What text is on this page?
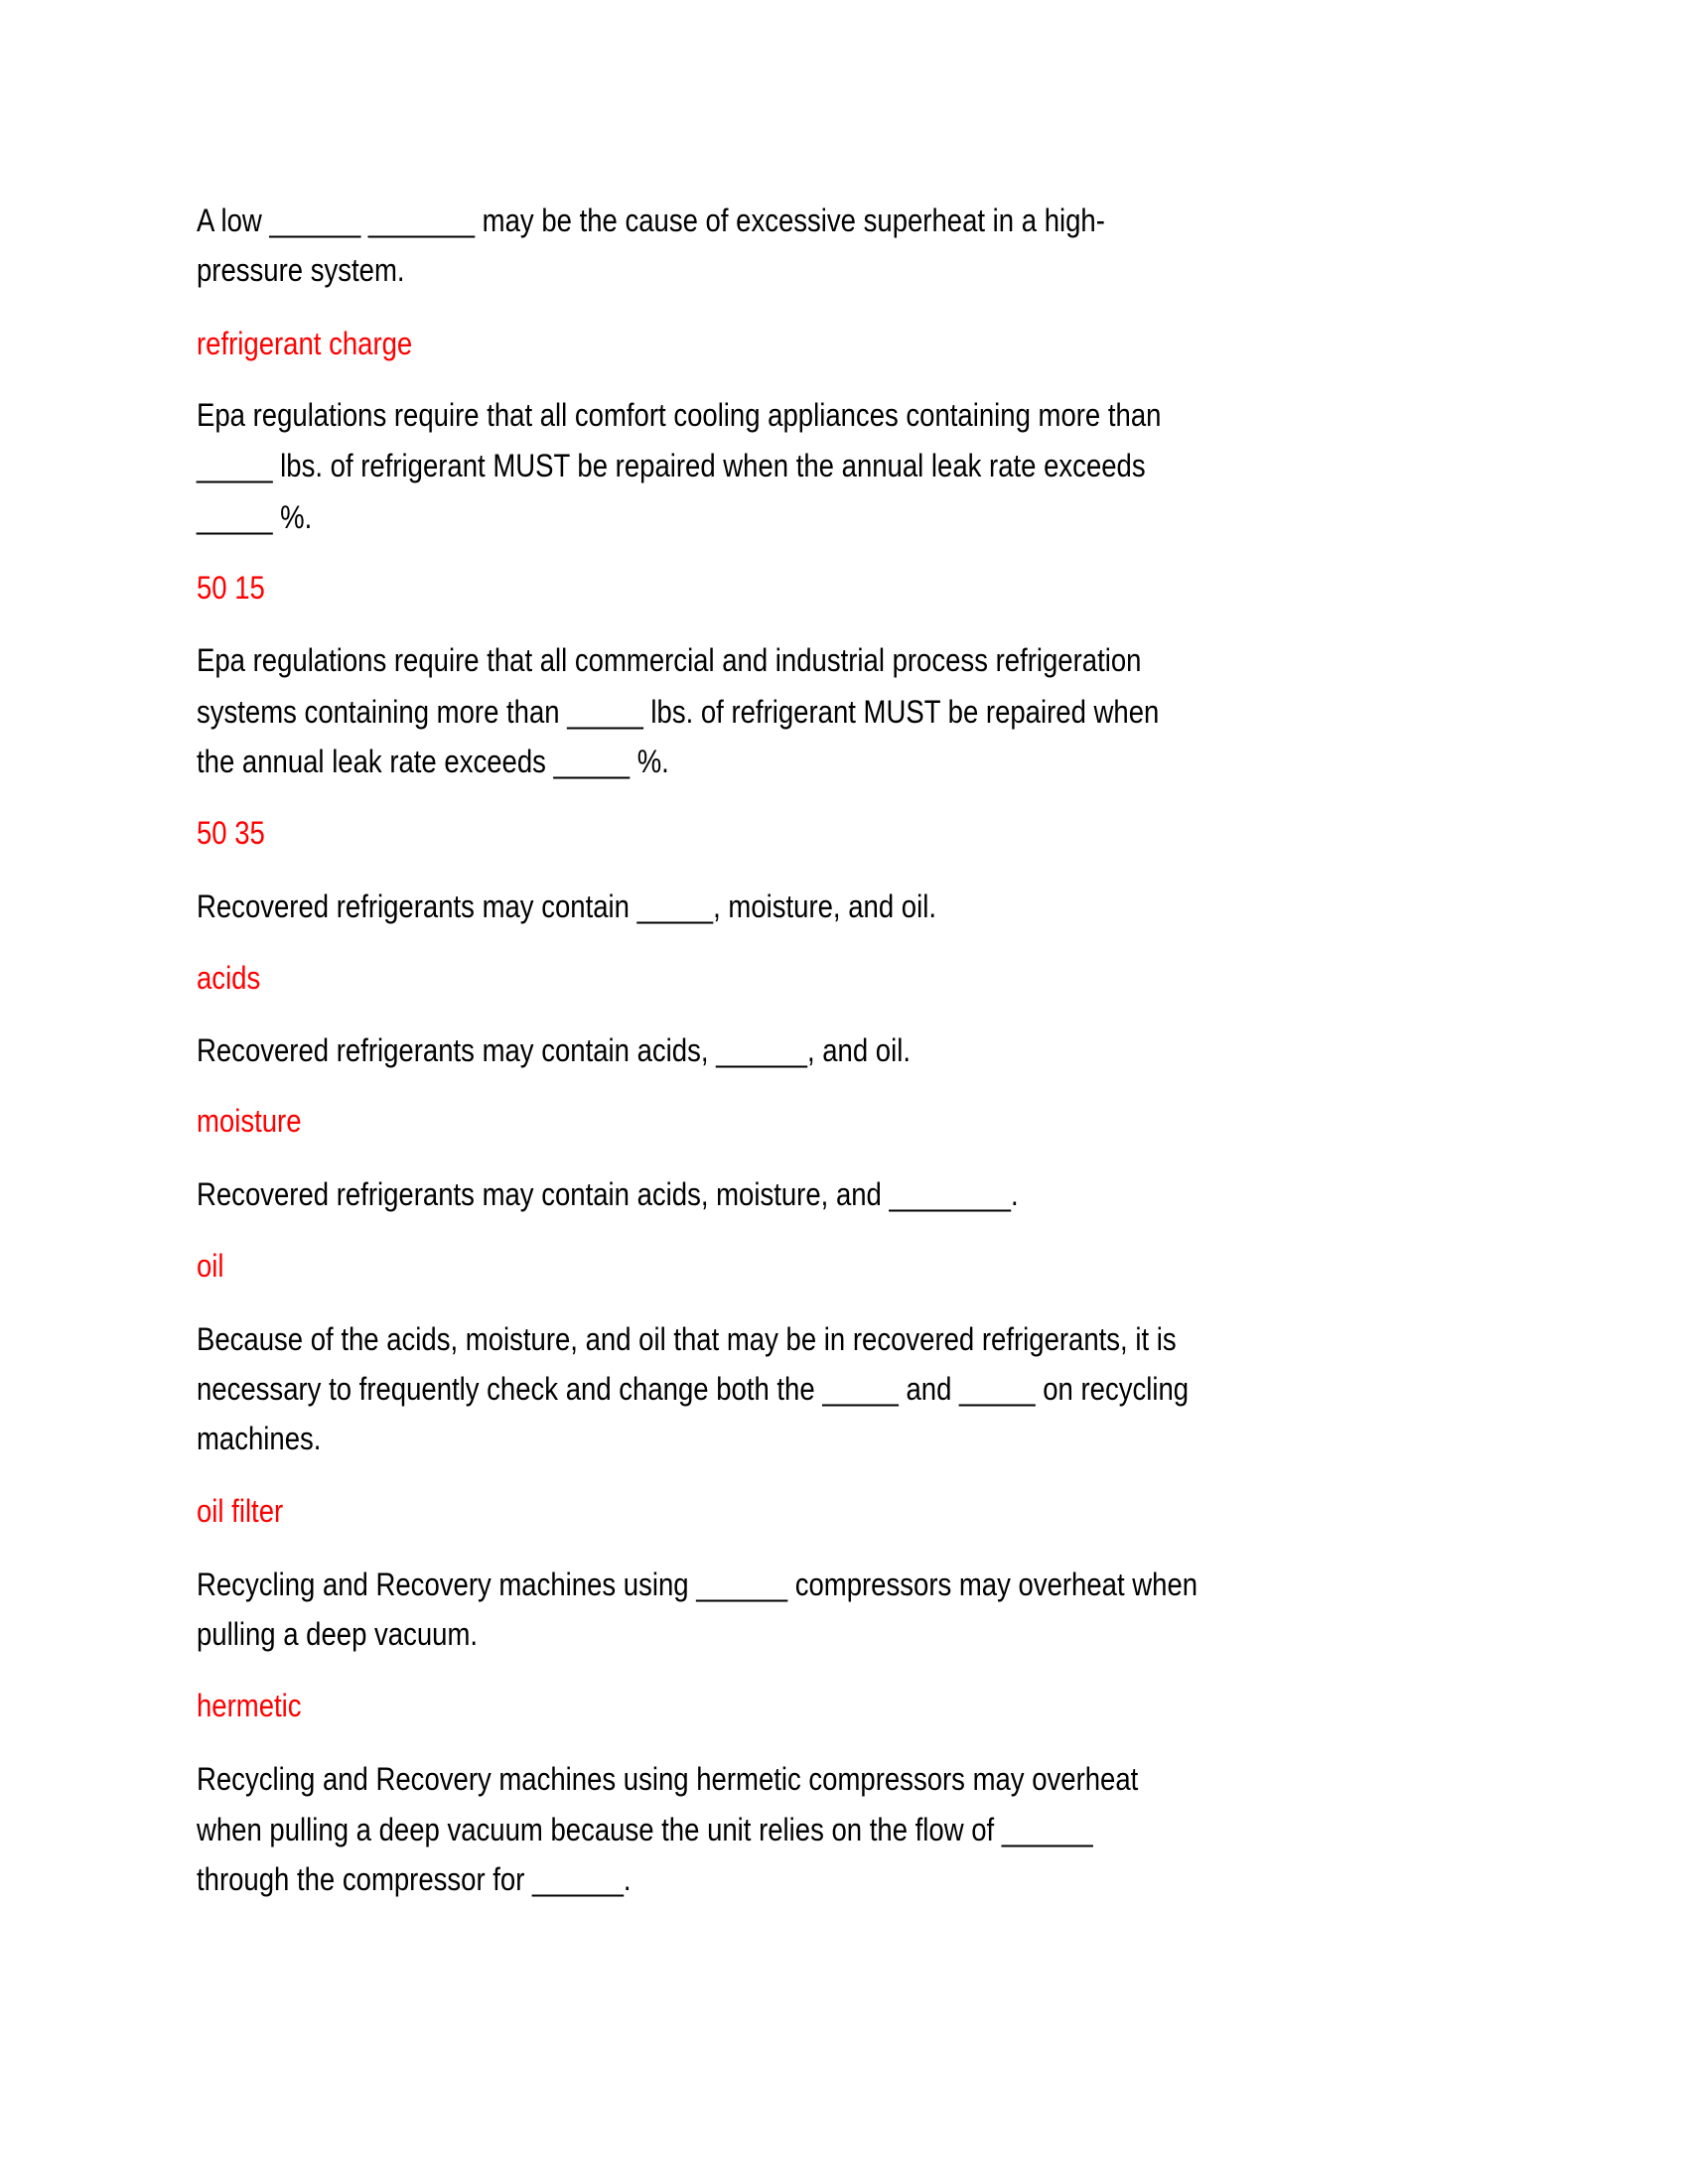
A low ______ _______ may be the cause of excessive superheat in a high-
pressure system.
refrigerant charge
Epa regulations require that all comfort cooling appliances containing more than
_____ lbs. of refrigerant MUST be repaired when the annual leak rate exceeds
_____ %.
50 15
Epa regulations require that all commercial and industrial process refrigeration
systems containing more than _____ lbs. of refrigerant MUST be repaired when
the annual leak rate exceeds _____ %.
50 35
Recovered refrigerants may contain _____, moisture, and oil.
acids
Recovered refrigerants may contain acids, ______, and oil.
moisture
Recovered refrigerants may contain acids, moisture, and ________.
oil
Because of the acids, moisture, and oil that may be in recovered refrigerants, it is
necessary to frequently check and change both the _____ and _____ on recycling
machines.
oil filter
Recycling and Recovery machines using ______ compressors may overheat when
pulling a deep vacuum.
hermetic
Recycling and Recovery machines using hermetic compressors may overheat
when pulling a deep vacuum because the unit relies on the flow of ______
through the compressor for ______.
